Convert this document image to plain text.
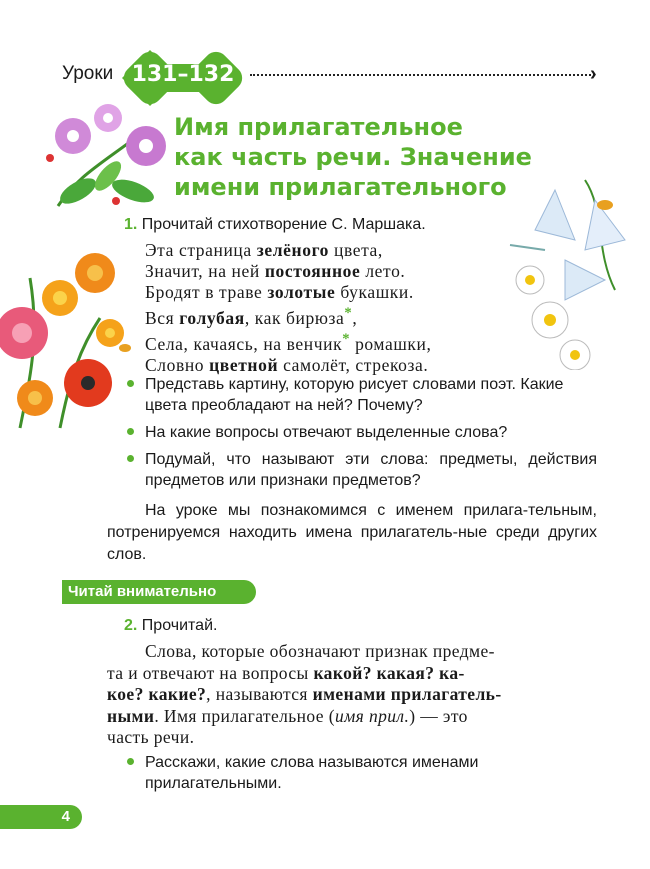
Уроки 131–132	›
Имя прилагательное
как часть речи. Значение
имени прилагательного
1. Прочитай стихотворение С. Маршака.
Эта страница зелёного цвета,
Значит, на ней постоянное лето.
Бродят в траве золотые букашки.
Вся голубая, как бирюза*,
Села, качаясь, на венчик* ромашки,
Словно цветной самолёт, стрекоза.
Представь картину, которую рисует словами поэт. Какие цвета преобладают на ней? Почему?
На какие вопросы отвечают выделенные слова?
Подумай, что называют эти слова: предметы, действия предметов или признаки предметов?
На уроке мы познакомимся с именем прилага-тельным, потренируемся находить имена прилагатель-ные среди других слов.
Читай внимательно
2. Прочитай.
Слова, которые обозначают признак предме-
та и отвечают на вопросы какой? какая? ка-
кое? какие?, называются именами прилагатель-
ными. Имя прилагательное (имя прил.) — это
часть речи.
Расскажи, какие слова называются именами прилагательными.
4
